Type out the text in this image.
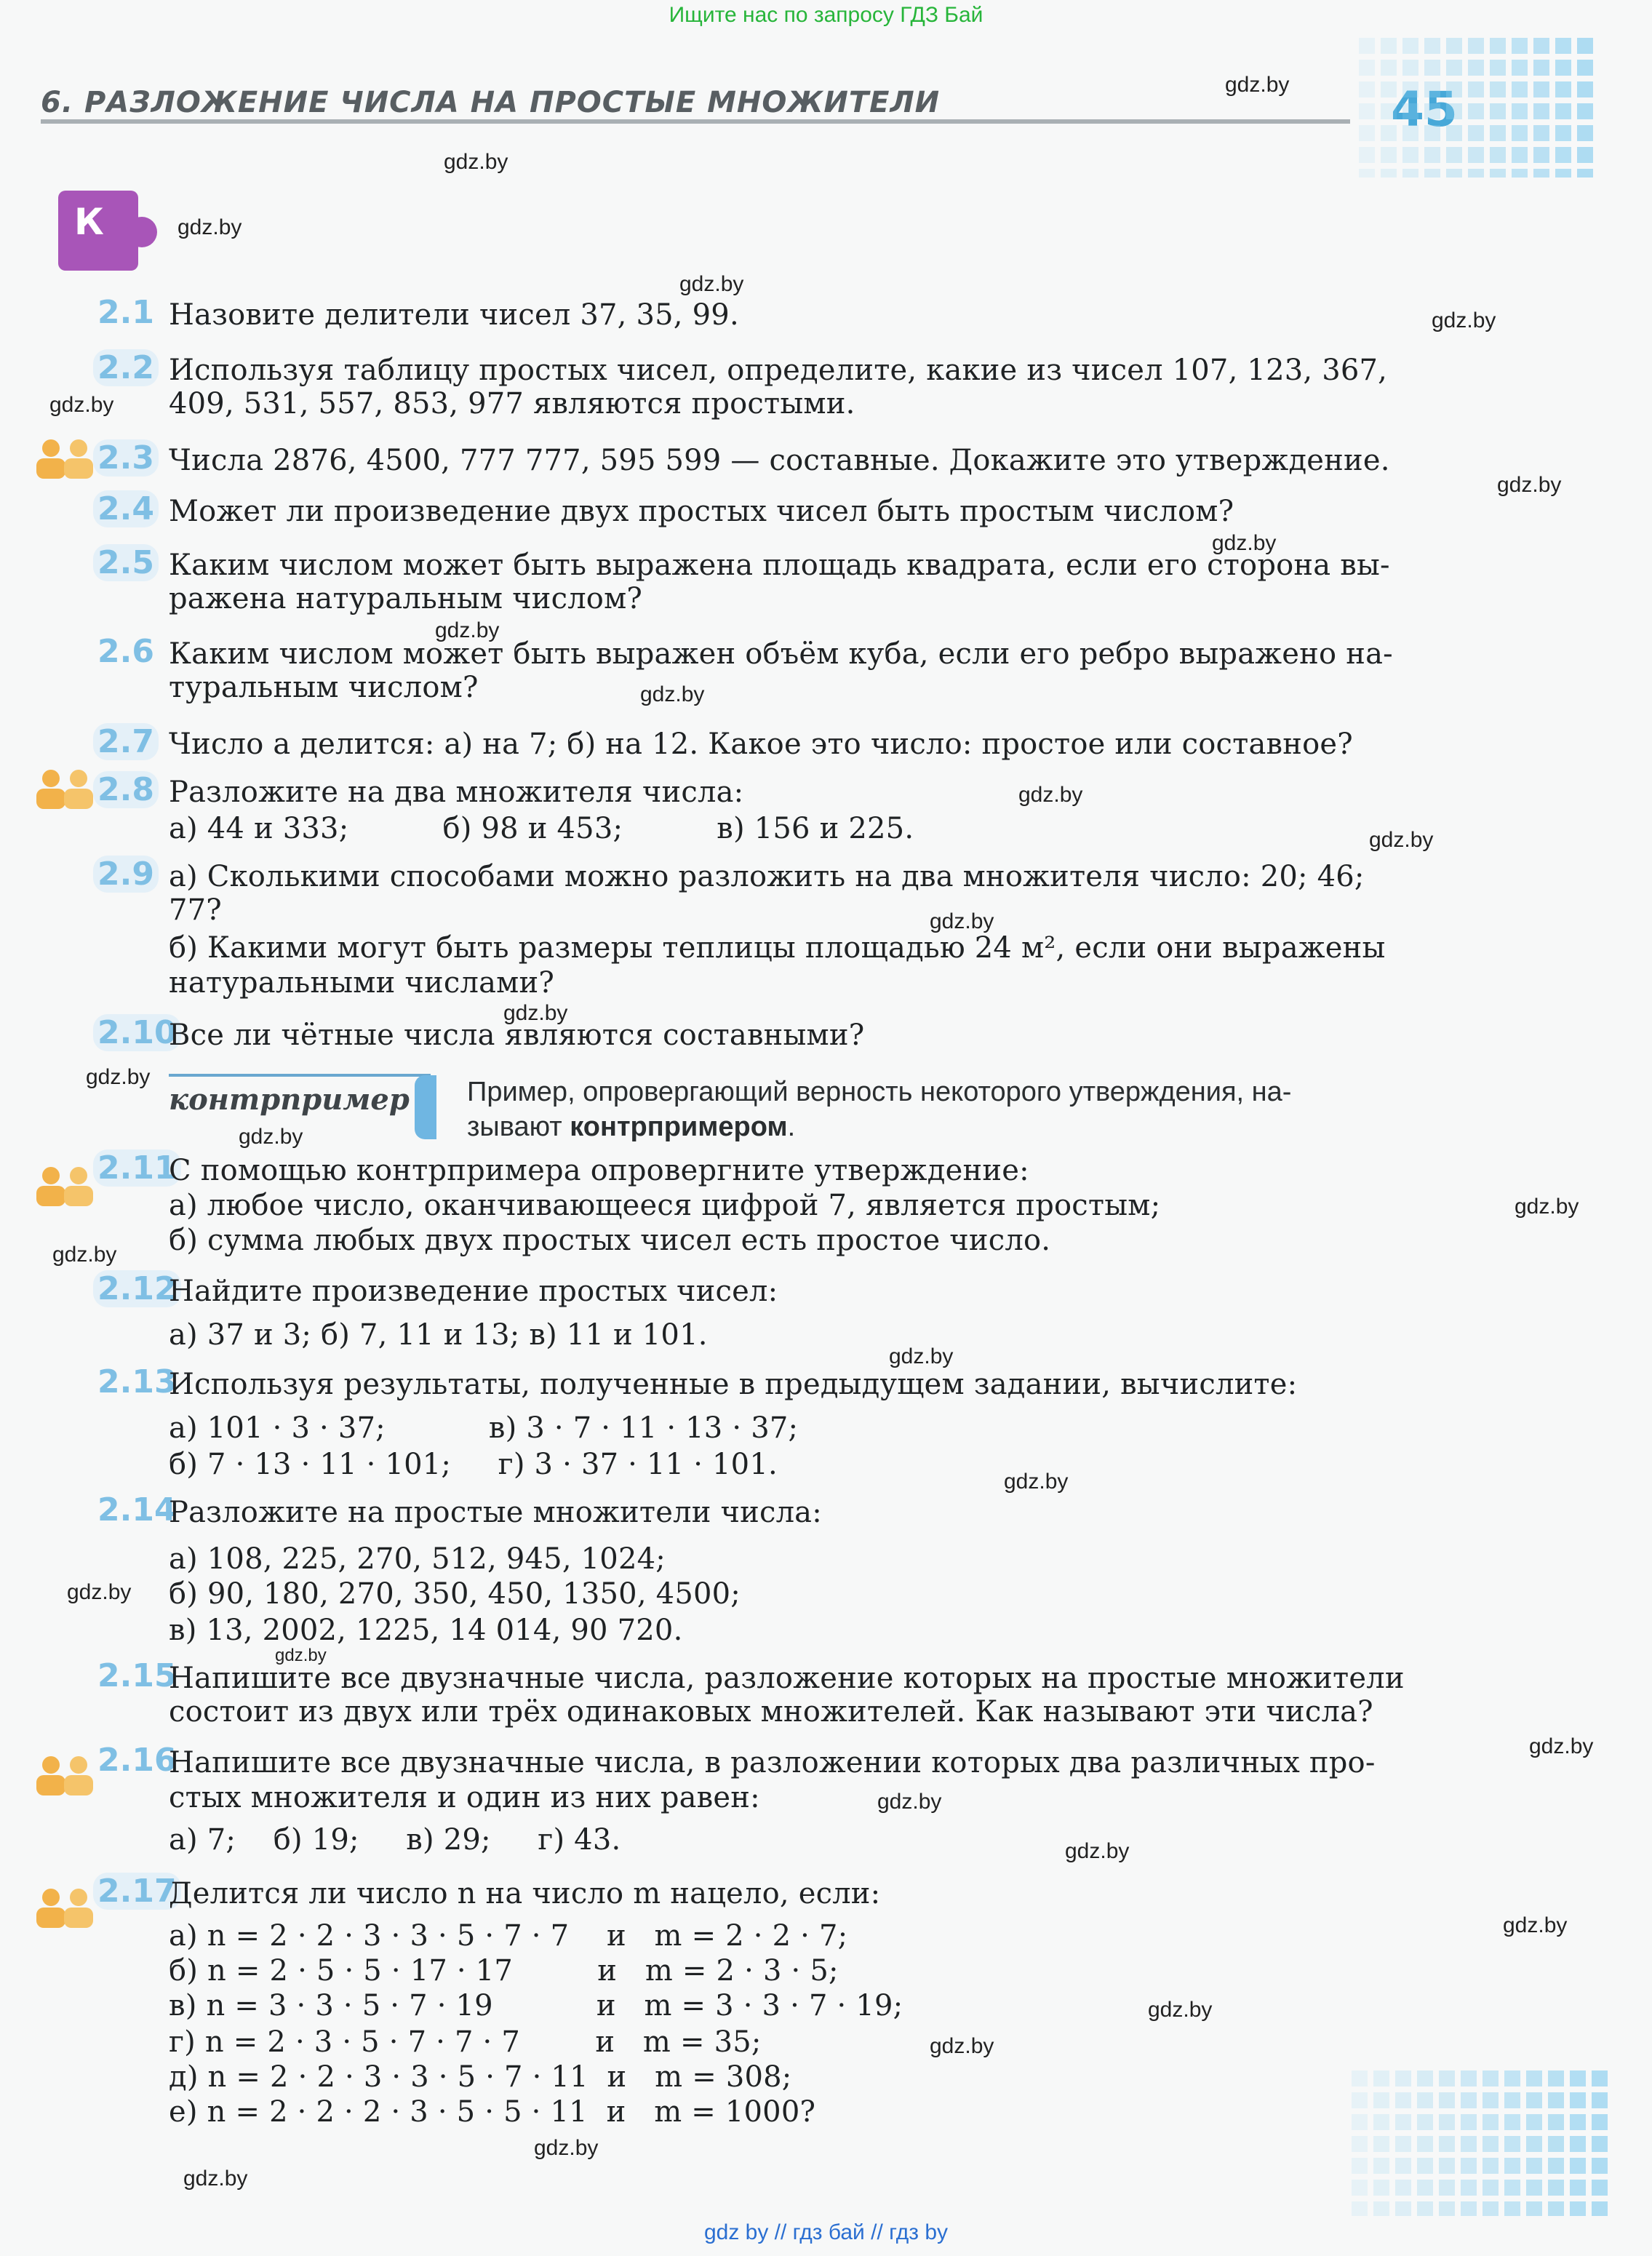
Ищите нас по запросу ГДЗ Бай
6. РАЗЛОЖЕНИЕ ЧИСЛА НА ПРОСТЫЕ МНОЖИТЕЛИ	45
К
gdz.by
gdz.by
gdz.by
gdz.by
gdz.by
gdz.by
gdz.by
gdz.by
gdz.by
gdz.by
gdz.by
gdz.by
gdz.by
gdz.by
gdz.by
gdz.by
gdz.by
gdz.by
gdz.by
gdz.by
gdz.by
gdz.by
gdz.by
gdz.by
gdz.by
gdz.by
gdz.by
gdz.by
gdz.by
2.1 Назовите делители чисел 37, 35, 99.
2.2 Используя таблицу простых чисел, определите, какие из чисел 107, 123, 367,
409, 531, 557, 853, 977 являются простыми.
2.3 Числа 2876, 4500, 777 777, 595 599 — составные. Докажите это утверждение.
2.4 Может ли произведение двух простых чисел быть простым числом?
2.5 Каким числом может быть выражена площадь квадрата, если его сторона вы-
ражена натуральным числом?
2.6 Каким числом может быть выражен объём куба, если его ребро выражено на-
туральным числом?
2.7 Число a делится: а) на 7; б) на 12. Какое это число: простое или составное?
2.8 Разложите на два множителя числа:
а) 44 и 333;          б) 98 и 453;          в) 156 и 225.
2.9 а) Сколькими способами можно разложить на два множителя число: 20; 46;
77?
б) Какими могут быть размеры теплицы площадью 24 м², если они выражены
натуральными числами?
2.10
Все ли чётные числа являются составными?
2.11
С помощью контрпримера опровергните утверждение:
а) любое число, оканчивающееся цифрой 7, является простым;
б) сумма любых двух простых чисел есть простое число.
2.12
Найдите произведение простых чисел:
а) 37 и 3; б) 7, 11 и 13; в) 11 и 101.
2.13
Используя результаты, полученные в предыдущем задании, вычислите:
а) 101 · 3 · 37;           в) 3 · 7 · 11 · 13 · 37;
б) 7 · 13 · 11 · 101;     г) 3 · 37 · 11 · 101.
2.14
Разложите на простые множители числа:
а) 108, 225, 270, 512, 945, 1024;
б) 90, 180, 270, 350, 450, 1350, 4500;
в) 13, 2002, 1225, 14 014, 90 720.
2.15
Напишите все двузначные числа, разложение которых на простые множители
состоит из двух или трёх одинаковых множителей. Как называют эти числа?
2.16
Напишите все двузначные числа, в разложении которых два различных про-
стых множителя и один из них равен:
а) 7;    б) 19;     в) 29;     г) 43.
2.17
Делится ли число n на число m нацело, если:
а) n = 2 · 2 · 3 · 3 · 5 · 7 · 7    и   m = 2 · 2 · 7;
б) n = 2 · 5 · 5 · 17 · 17         и   m = 2 · 3 · 5;
в) n = 3 · 3 · 5 · 7 · 19           и   m = 3 · 3 · 7 · 19;
г) n = 2 · 3 · 5 · 7 · 7 · 7        и   m = 35;
д) n = 2 · 2 · 3 · 3 · 5 · 7 · 11  и   m = 308;
е) n = 2 · 2 · 2 · 3 · 5 · 5 · 11  и   m = 1000?
контрпример Пример, опровергающий верность некоторого утверждения, на-
зывают контрпримером.
gdz.by
gdz by // гдз бай // гдз by
